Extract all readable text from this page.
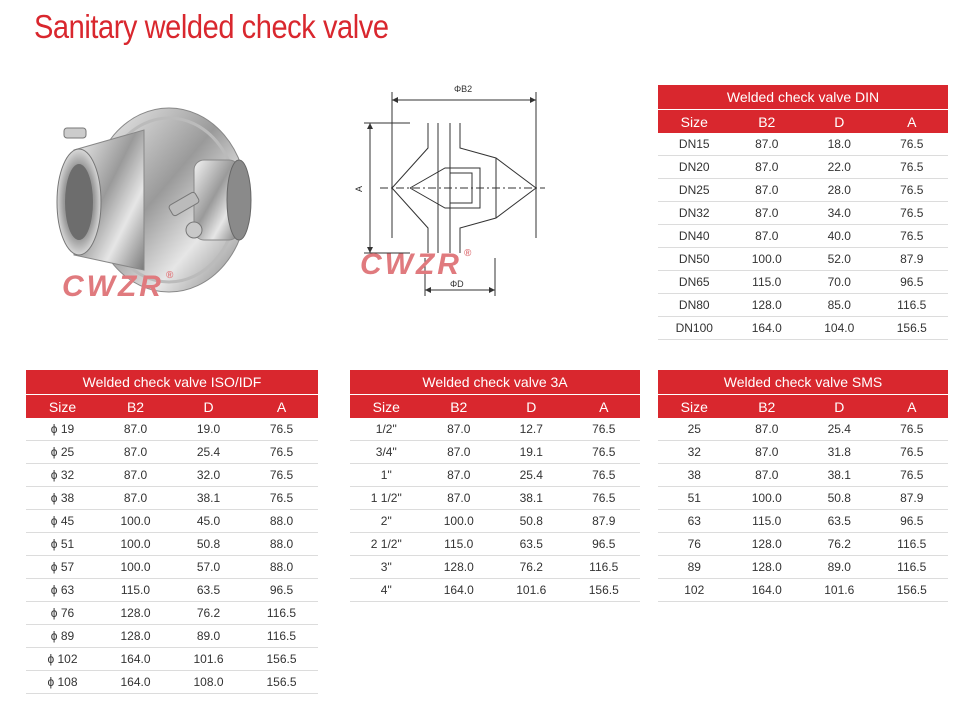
Sanitary welded check valve
CWZR ®
ΦB2
A
ΦD
CWZR ®
Welded check valve DIN			
Size	B2	D	A
DN15	87.0	18.0	76.5
DN20	87.0	22.0	76.5
DN25	87.0	28.0	76.5
DN32	87.0	34.0	76.5
DN40	87.0	40.0	76.5
DN50	100.0	52.0	87.9
DN65	115.0	70.0	96.5
DN80	128.0	85.0	116.5
DN100	164.0	104.0	156.5
Welded check valve ISO/IDF			
Size	B2	D	A
ϕ 19	87.0	19.0	76.5
ϕ 25	87.0	25.4	76.5
ϕ 32	87.0	32.0	76.5
ϕ 38	87.0	38.1	76.5
ϕ 45	100.0	45.0	88.0
ϕ 51	100.0	50.8	88.0
ϕ 57	100.0	57.0	88.0
ϕ 63	115.0	63.5	96.5
ϕ 76	128.0	76.2	116.5
ϕ 89	128.0	89.0	116.5
ϕ 102	164.0	101.6	156.5
ϕ 108	164.0	108.0	156.5
Welded check valve 3A			
Size	B2	D	A
1/2"	87.0	12.7	76.5
3/4"	87.0	19.1	76.5
1"	87.0	25.4	76.5
1 1/2"	87.0	38.1	76.5
2"	100.0	50.8	87.9
2 1/2"	115.0	63.5	96.5
3"	128.0	76.2	116.5
4"	164.0	101.6	156.5
Welded check valve SMS			
Size	B2	D	A
25	87.0	25.4	76.5
32	87.0	31.8	76.5
38	87.0	38.1	76.5
51	100.0	50.8	87.9
63	115.0	63.5	96.5
76	128.0	76.2	116.5
89	128.0	89.0	116.5
102	164.0	101.6	156.5
